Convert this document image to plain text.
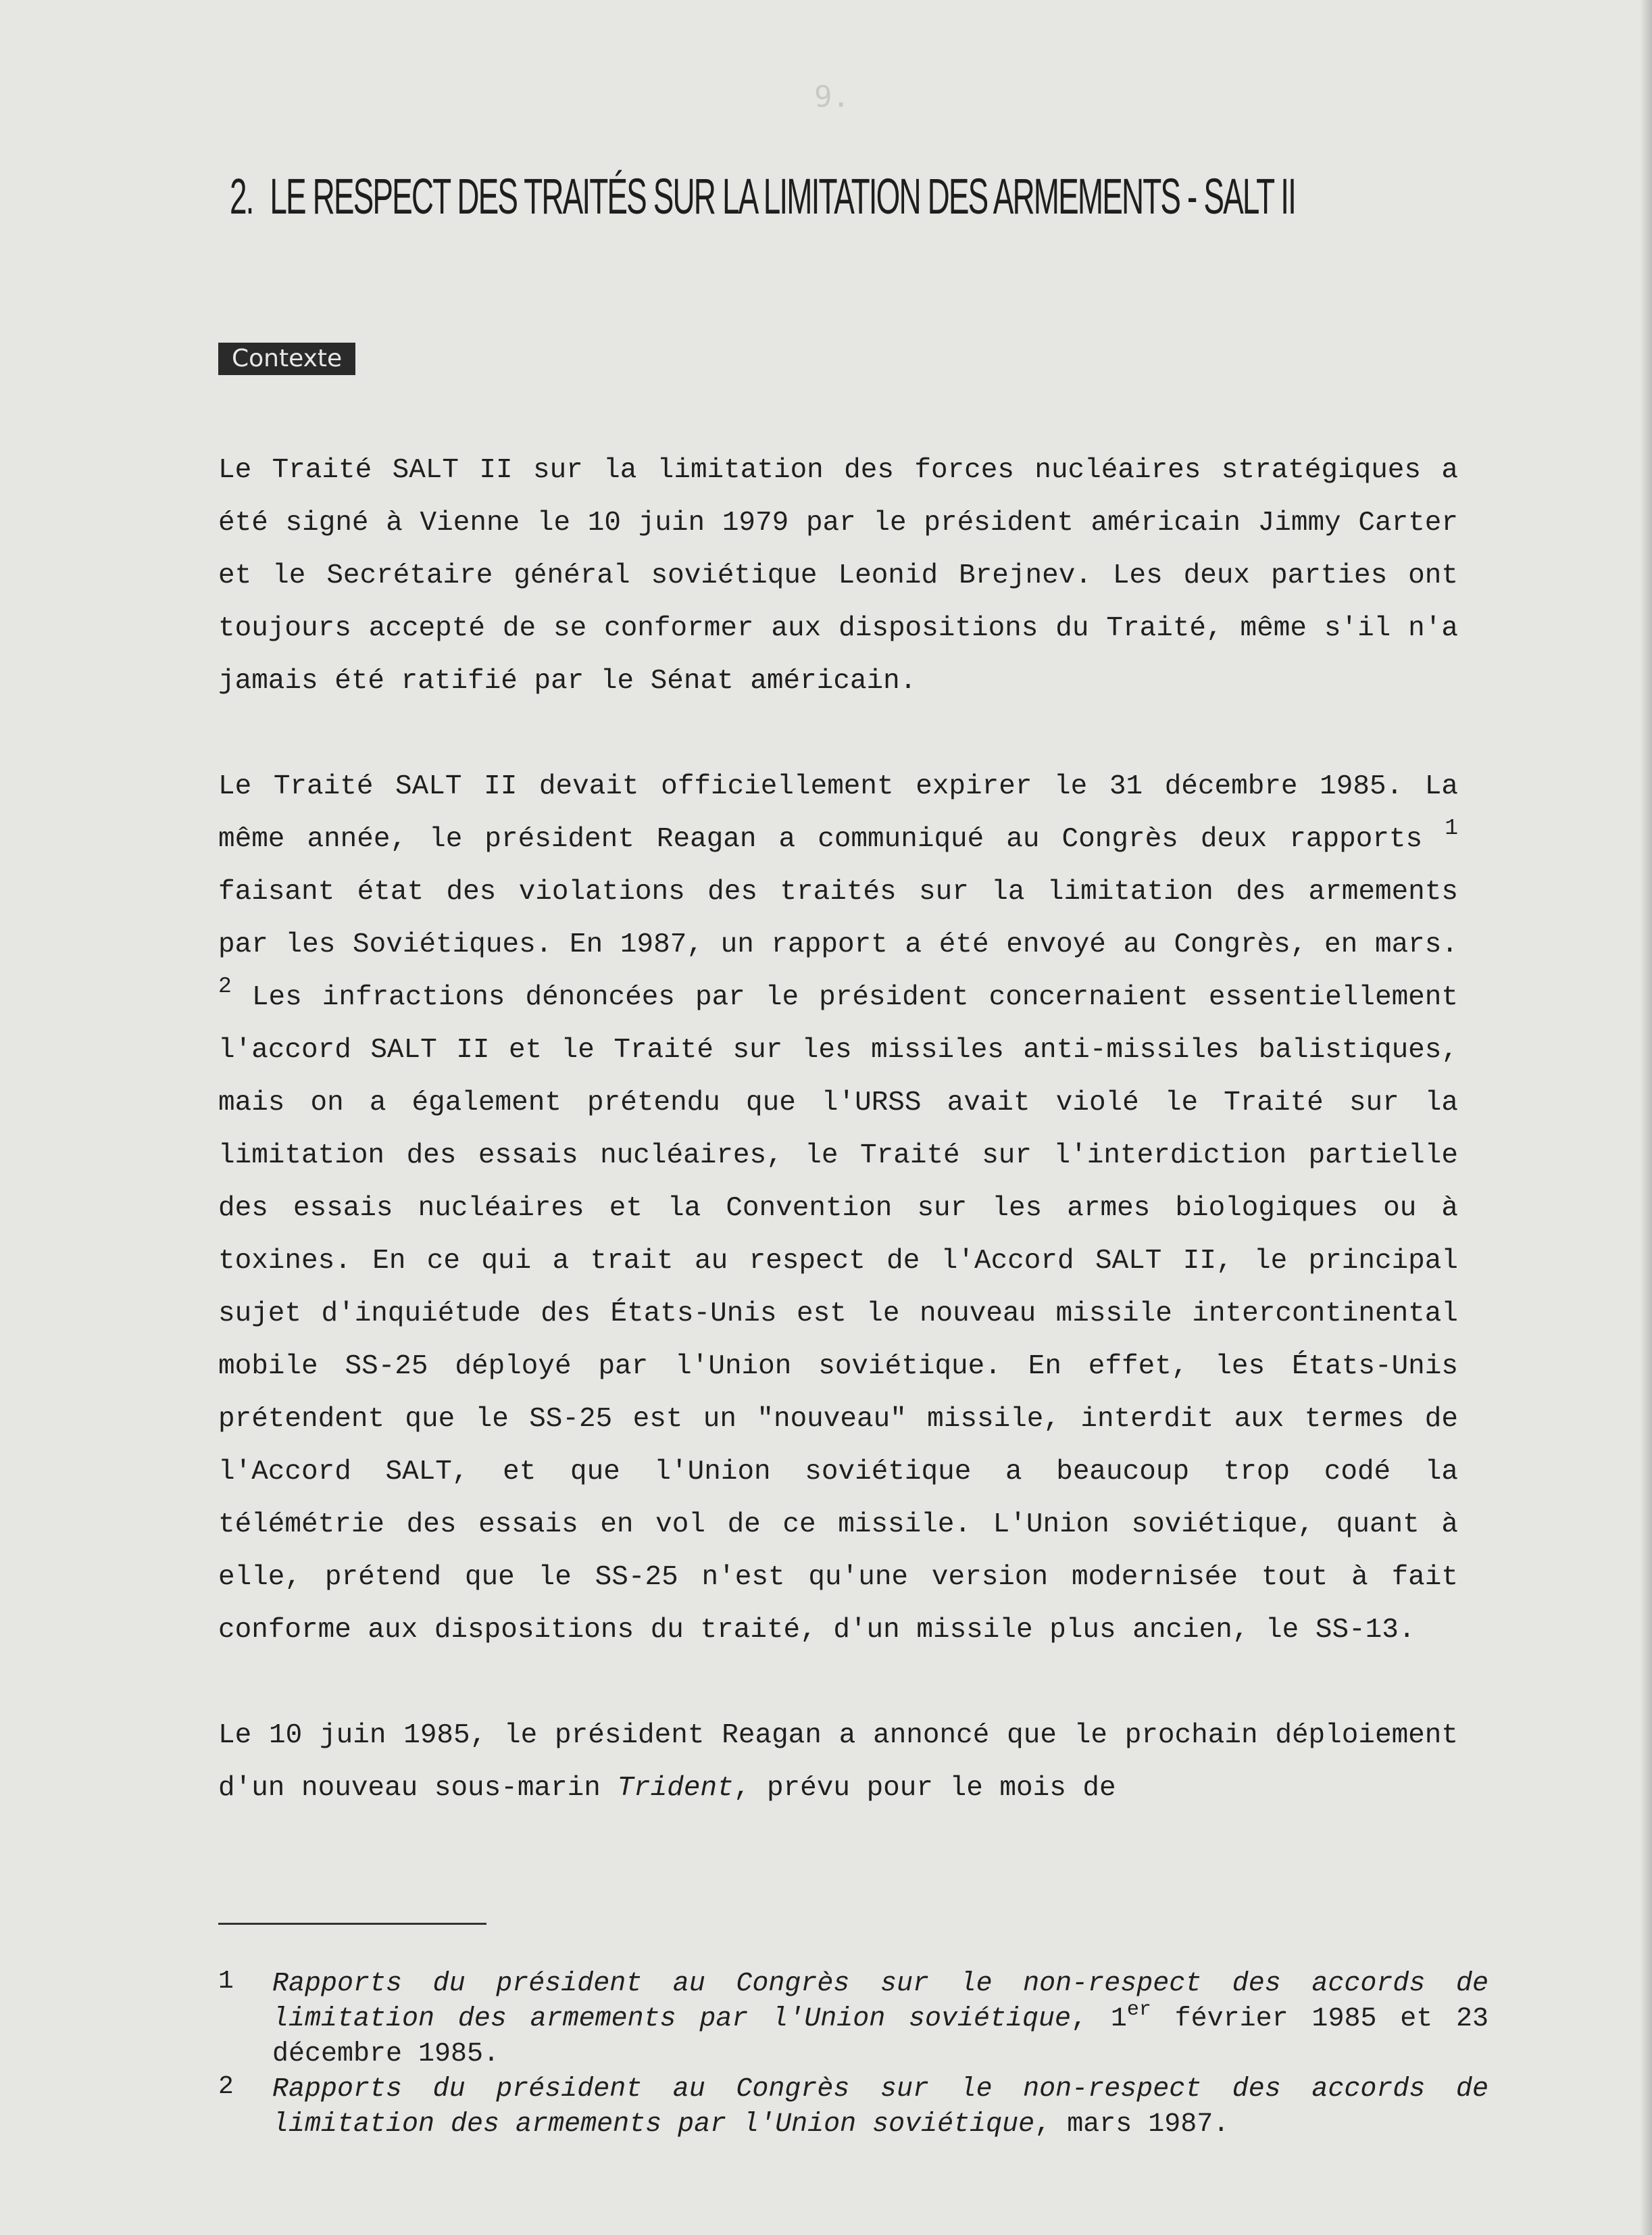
9.
2. LE RESPECT DES TRAITÉS SUR LA LIMITATION DES ARMEMENTS - SALT II
Contexte

Le Traité SALT II sur la limitation des forces nucléaires stratégiques a été signé à Vienne le 10 juin 1979 par le président américain Jimmy Carter et le Secrétaire général soviétique Leonid Brejnev. Les deux parties ont toujours accepté de se conformer aux dispositions du Traité, même s'il n'a jamais été ratifié par le Sénat américain.

Le Traité SALT II devait officiellement expirer le 31 décembre 1985. La même année, le président Reagan a communiqué au Congrès deux rapports $^1$ faisant état des violations des traités sur la limitation des armements par les Soviétiques. En 1987, un rapport a été envoyé au Congrès, en mars. $^2$ Les infractions dénoncées par le président concernaient essentiellement l'accord SALT II et le Traité sur les missiles anti-missiles balistiques, mais on a également prétendu que l'URSS avait violé le Traité sur la limitation des essais nucléaires, le Traité sur l'interdiction partielle des essais nucléaires et la Convention sur les armes biologiques ou à toxines. En ce qui a trait au respect de l'Accord SALT II, le principal sujet d'inquiétude des États-Unis est le nouveau missile intercontinental mobile SS-25 déployé par l'Union soviétique. En effet, les États-Unis prétendent que le SS-25 est un "nouveau" missile, interdit aux termes de l'Accord SALT, et que l'Union soviétique a beaucoup trop codé la télémétrie des essais en vol de ce missile. L'Union soviétique, quant à elle, prétend que le SS-25 n'est qu'une version modernisée tout à fait conforme aux dispositions du traité, d'un missile plus ancien, le SS-13.

Le 10 juin 1985, le président Reagan a annoncé que le prochain déploiement d'un nouveau sous-marin Trident, prévu pour le mois de

1 Rapports du président au Congrès sur le non-respect des accords de limitation des armements par l'Union soviétique, 1er février 1985 et 23 décembre 1985.
2 Rapports du président au Congrès sur le non-respect des accords de limitation des armements par l'Union soviétique, mars 1987.
